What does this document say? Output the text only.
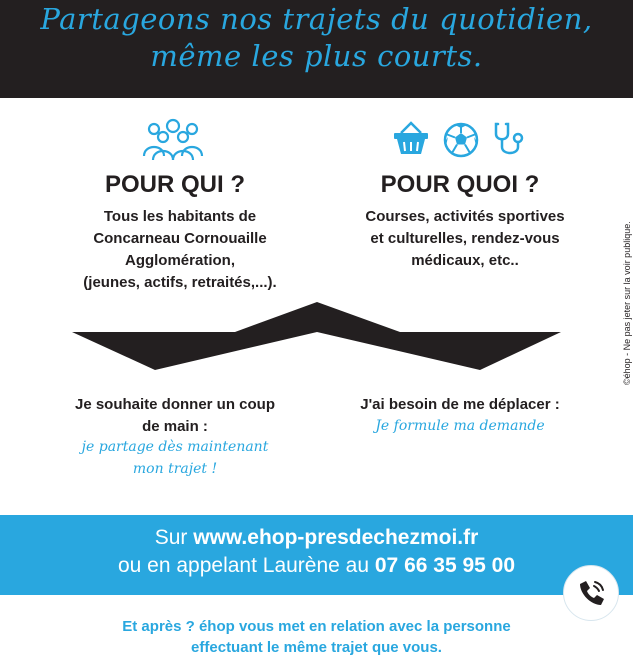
Partageons nos trajets du quotidien,

même les plus courts.

POUR QUI ?	POUR QUOI ?
Tous les habitants de
Concarneau Cornouaille
Agglomération,
(jeunes, actifs, retraités,...).
Courses, activités sportives
et culturelles, rendez-vous
médicaux, etc..	©éhop - Ne pas jeter sur la voir publique.
Je souhaite donner un coup
de main :
je partage dès maintenant
mon trajet !
J'ai besoin de me déplacer :
Je formule ma demande

Sur www.ehop-presdechezmoi.fr

ou en appelant Laurène au 07 66 35 95 00

Et après ? éhop vous met en relation avec la personne
effectuant le même trajet que vous.
